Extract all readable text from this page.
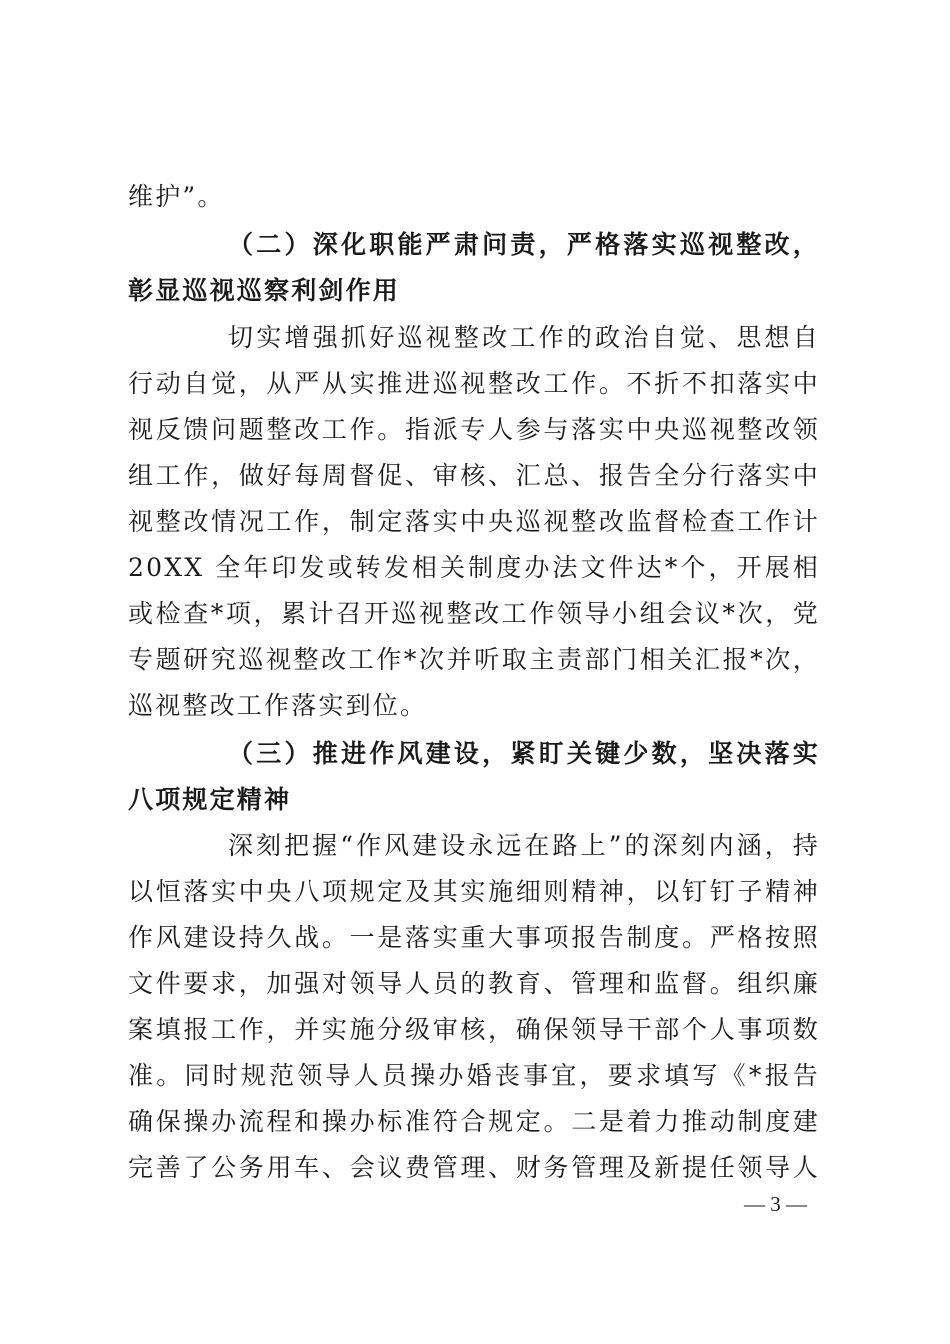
维护”。
（二）深化职能严肃问责，严格落实巡视整改，
彰显巡视巡察利剑作用
切实增强抓好巡视整改工作的政治自觉、思想自
行动自觉，从严从实推进巡视整改工作。不折不扣落实中
视反馈问题整改工作。指派专人参与落实中央巡视整改领
组工作，做好每周督促、审核、汇总、报告全分行落实中
视整改情况工作，制定落实中央巡视整改监督检查工作计
20XX 全年印发或转发相关制度办法文件达*个，开展相
或检查*项，累计召开巡视整改工作领导小组会议*次，党
专题研究巡视整改工作*次并听取主责部门相关汇报*次，
巡视整改工作落实到位。
（三）推进作风建设，紧盯关键少数，坚决落实
八项规定精神
深刻把握“作风建设永远在路上”的深刻内涵，持
以恒落实中央八项规定及其实施细则精神，以钉钉子精神
作风建设持久战。一是落实重大事项报告制度。严格按照
文件要求，加强对领导人员的教育、管理和监督。组织廉
案填报工作，并实施分级审核，确保领导干部个人事项数
准。同时规范领导人员操办婚丧事宜，要求填写《*报告
确保操办流程和操办标准符合规定。二是着力推动制度建
完善了公务用车、会议费管理、财务管理及新提任领导人
— 3 —
